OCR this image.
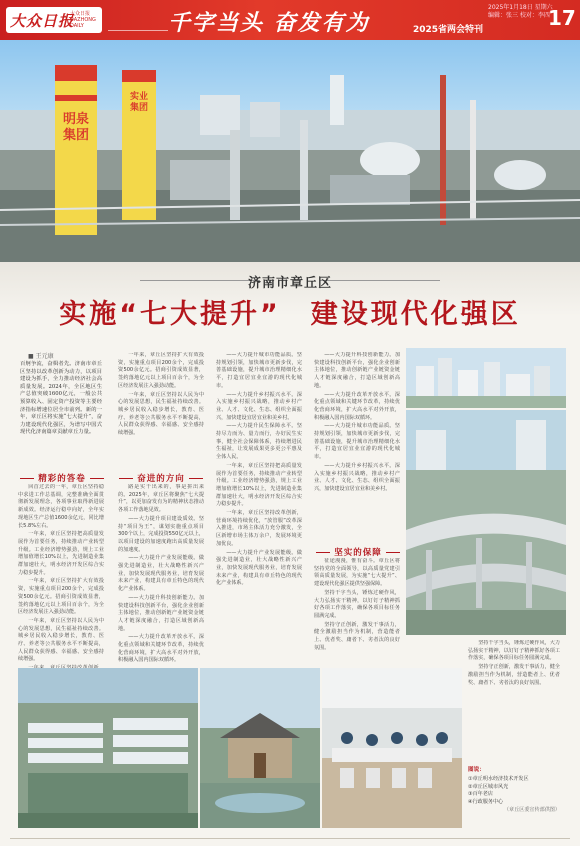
大众日报
大众日报 DAZHONG DAILY	千字当头 奋发有为	2025省两会特刊
2025年1月18日 星期六
编辑：张三 校对：李四
17
明泉集团
实业集团
济南市章丘区
实施“七大提升”　建设现代化强区
■ 王元康
百舸争流，奋楫者先。济南市章丘区坚持以改革创新为动力，以项目建设为抓手，全力推动经济社会高质量发展。2024年，全区地区生产总值突破1600亿元，一般公共预算收入、固定资产投资等主要经济指标增速位居全市前列。新的一年，章丘区将实施“七大提升”，奋力建设现代化强区，为谱写中国式现代化济南篇章贡献章丘力量。
精彩的答卷

回首过去的一年，章丘区坚持稳中求进工作总基调，完整准确全面贯彻新发展理念，各项事业取得新进展新成效。经济运行稳中向好，全年实现地区生产总值1600余亿元，同比增长5.8%左右。

一年来，章丘区坚持把高质量发展作为首要任务，持续推动产业转型升级。工业经济增势强劲，规上工业增加值增长10%以上，先进制造业集群加速壮大，明水经济开发区综合实力稳步提升。

一年来，章丘区坚持扩大有效投资，实施重点项目200余个，完成投资500余亿元。招商引资成效显著，签约落地亿元以上项目百余个，为全区经济发展注入强劲动能。

一年来，章丘区坚持以人民为中心的发展思想，民生福祉持续改善。城乡居民收入稳步增长，教育、医疗、养老等公共服务水平不断提高，人民群众获得感、幸福感、安全感持续增强。

一年来，章丘区坚持扩大有效投资，实施重点项目200余个，完成投资500余亿元。招商引资成效显著，签约落地亿元以上项目百余个，为全区经济发展注入强劲动能。

一年来，章丘区坚持以人民为中心的发展思想，民生福祉持续改善。城乡居民收入稳步增长，教育、医疗、养老等公共服务水平不断提高，人民群众获得感、幸福感、安全感持续增强。

奋进的方向

路是实干出来的，事是拼出来的。2025年，章丘区将聚焦“七大提升”，以更加奋发有为的精神状态推动各项工作落地见效。

——大力提升项目建设质效。坚持“项目为王”，谋划实施重点项目300个以上，完成投资550亿元以上，以项目建设的加速度跑出高质量发展的加速度。

——大力提升产业发展能级。做强先进制造业，壮大战略性新兴产业，加快发展现代服务业，培育发展未来产业，构建具有章丘特色的现代化产业体系。

——大力提升科技创新能力。加快建设科技创新平台，强化企业创新主体地位，推动创新链产业链资金链人才链深度融合，打造区域创新高地。

——大力提升改革开放水平。深化重点领域和关键环节改革，持续优化营商环境，扩大高水平对外开放，积极融入国内国际双循环。

——大力提升城市功能品质。坚持规划引领，加快城市更新步伐，完善基础设施，提升城市治理精细化水平，打造宜居宜业宜游的现代化城市。

——大力提升乡村振兴水平。深入实施乡村振兴战略，推动乡村产业、人才、文化、生态、组织全面振兴，加快建设宜居宜业和美乡村。

——大力提升民生保障水平。坚持尽力而为、量力而行，办好民生实事，健全社会保障体系，持续增进民生福祉，让发展成果更多更公平惠及全体人民。

一年来，章丘区坚持把高质量发展作为首要任务，持续推动产业转型升级。工业经济增势强劲，规上工业增加值增长10%以上，先进制造业集群加速壮大，明水经济开发区综合实力稳步提升。

一年来，章丘区坚持改革创新，营商环境持续优化，“放管服”改革深入推进，市场主体活力充分激发，全区新增市场主体万余户，发展环境更加优良。

——大力提升产业发展能级。做强先进制造业，壮大战略性新兴产业，加快发展现代服务业，培育发展未来产业，构建具有章丘特色的现代化产业体系。

——大力提升科技创新能力。加快建设科技创新平台，强化企业创新主体地位，推动创新链产业链资金链人才链深度融合，打造区域创新高地。

——大力提升改革开放水平。深化重点领域和关键环节改革，持续优化营商环境，扩大高水平对外开放，积极融入国内国际双循环。

——大力提升城市功能品质。坚持规划引领，加快城市更新步伐，完善基础设施，提升城市治理精细化水平，打造宜居宜业宜游的现代化城市。

——大力提升乡村振兴水平。深入实施乡村振兴战略，推动乡村产业、人才、文化、生态、组织全面振兴，加快建设宜居宜业和美乡村。

坚实的保障

征途漫漫，惟有奋斗。章丘区将坚持党的全面领导，以高质量党建引领高质量发展，为实施“七大提升”、建设现代化强区提供坚强保障。

坚持干字当头，锤炼过硬作风，大力弘扬实干精神，以钉钉子精神抓好各项工作落实，确保各项目标任务圆满完成。

坚持守正创新，激发干事活力，健全激励担当作为机制，营造能者上、优者奖、庸者下、劣者汰的良好氛围。

坚持干字当头，锤炼过硬作风，大力弘扬实干精神，以钉钉子精神抓好各项工作落实，确保各项目标任务圆满完成。

坚持守正创新，激发干事活力，健全激励担当作为机制，营造能者上、优者奖、庸者下、劣者汰的良好氛围。

图说：
①章丘明水经济技术开发区
②章丘区城市风光
③百年老店
④行政服务中心
（章丘区委宣传部供图）
